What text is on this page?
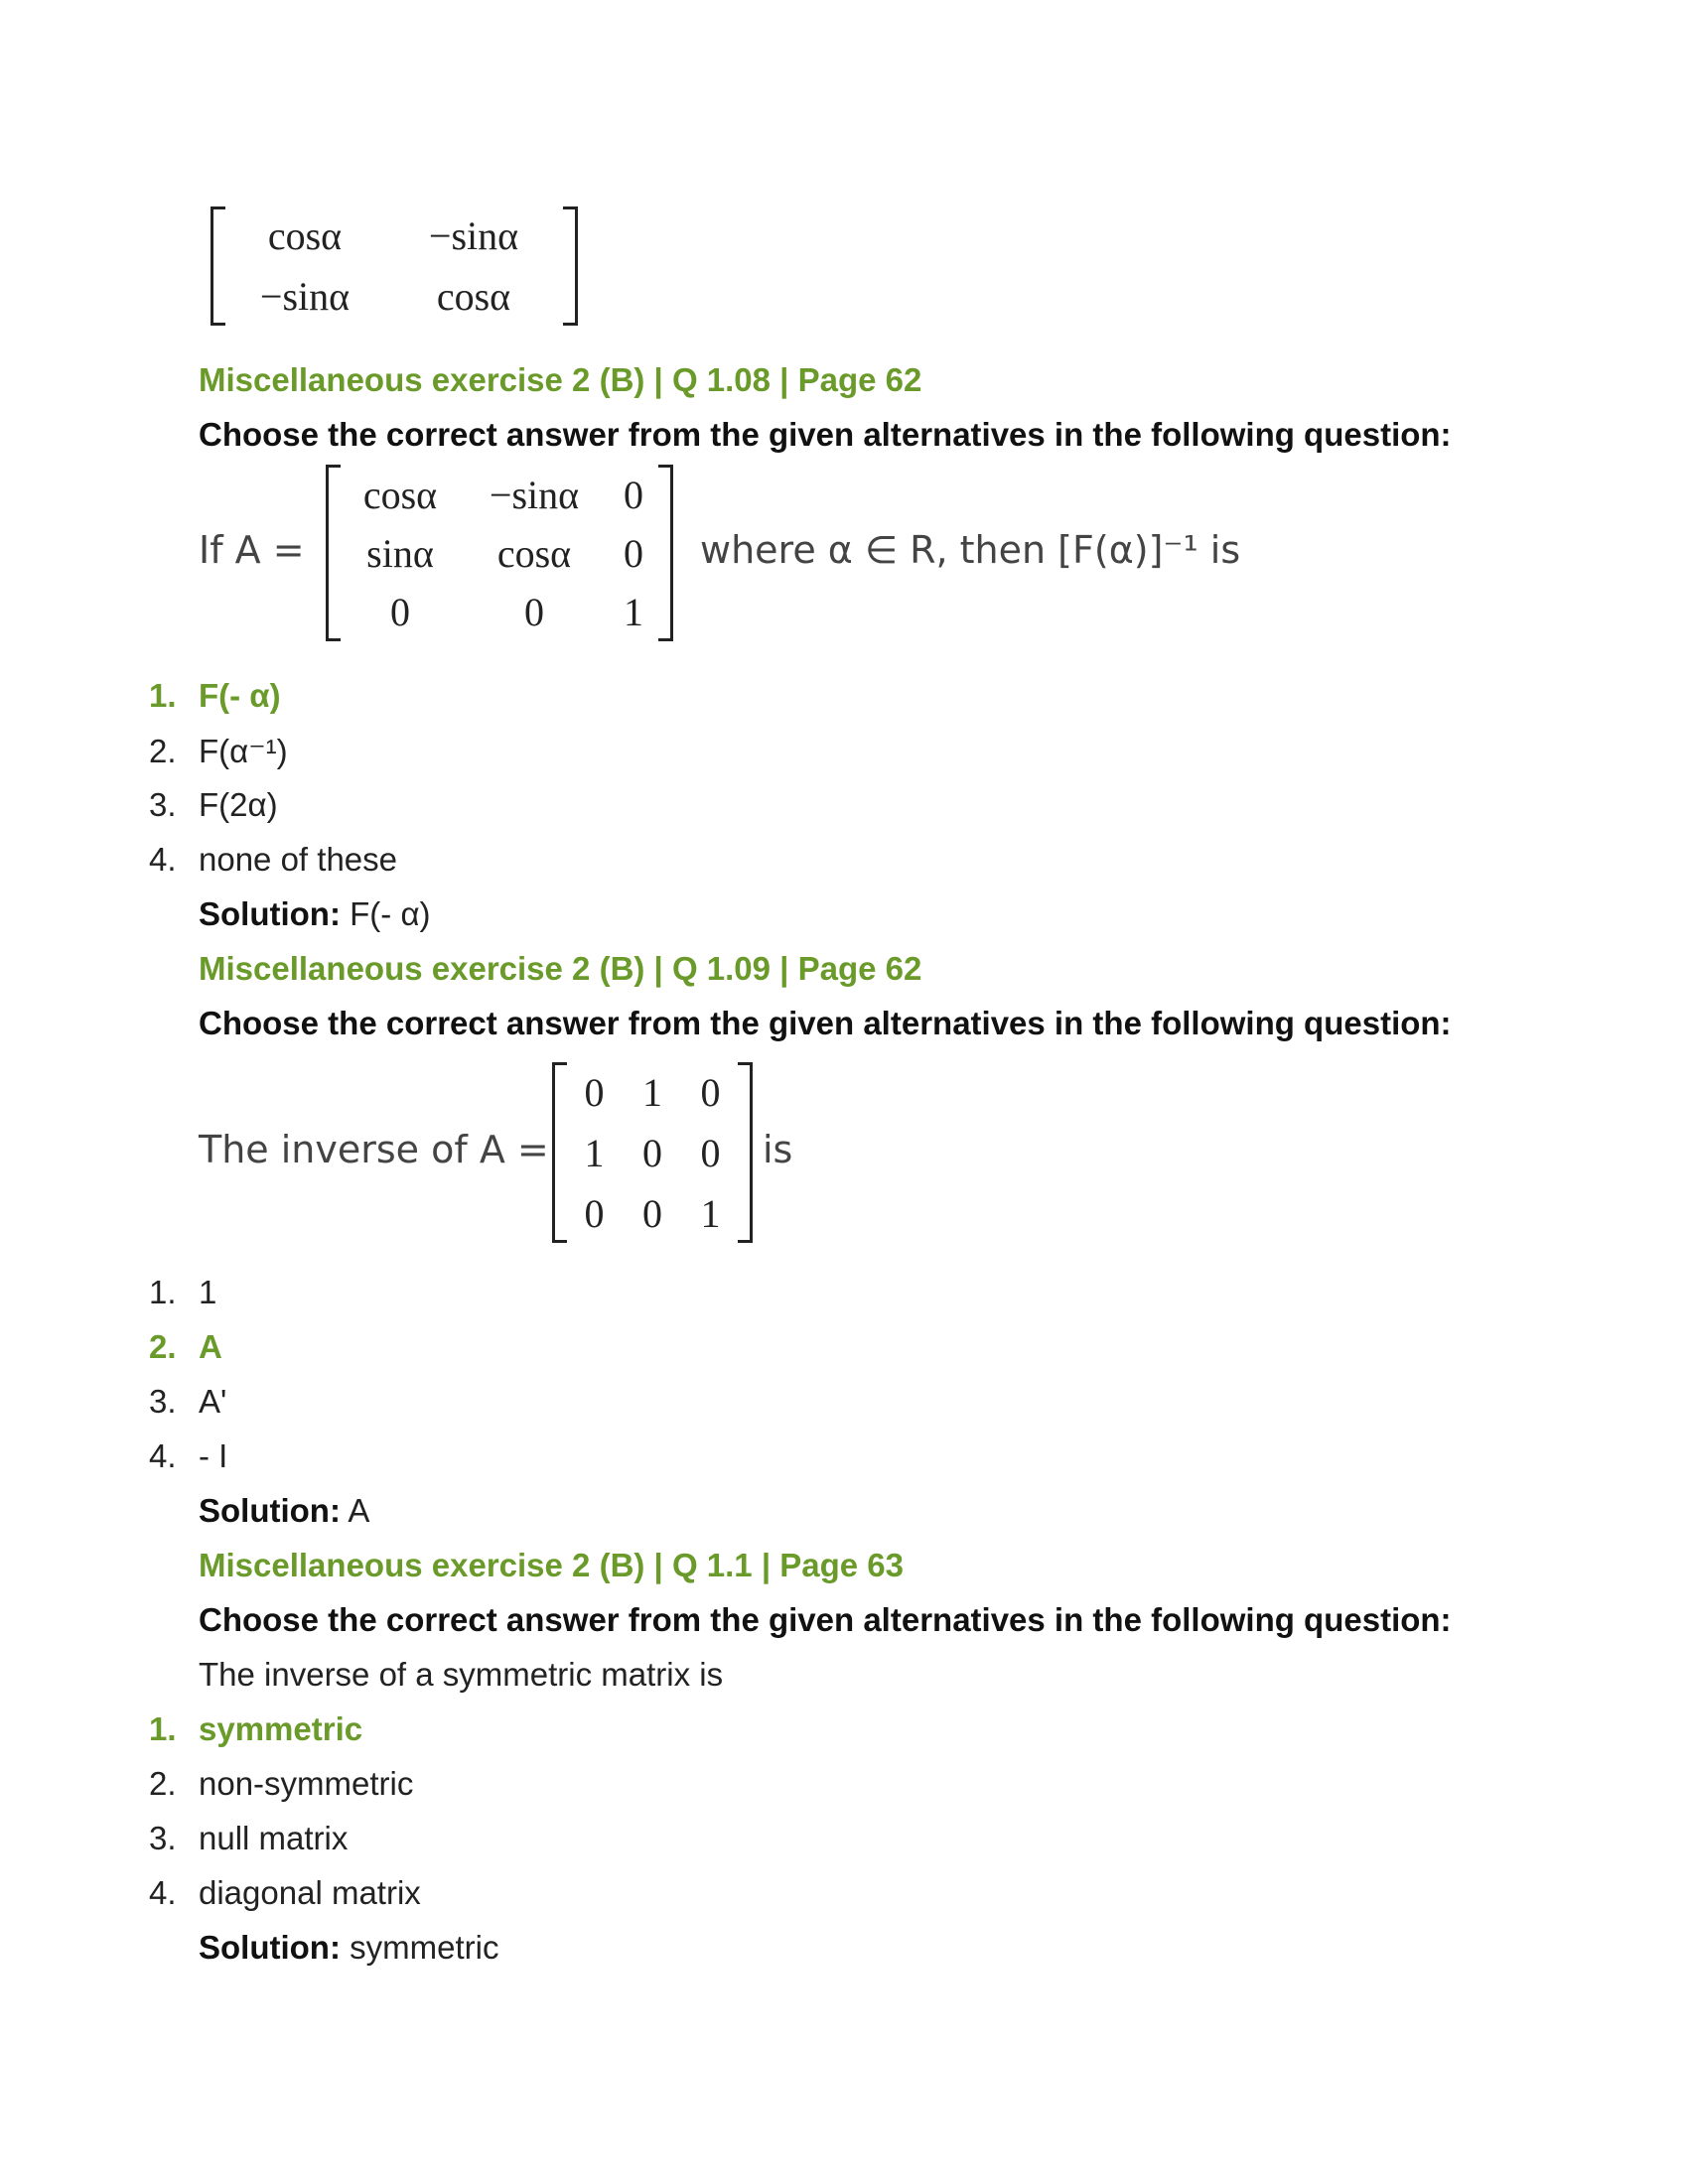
cosα −sinα
−sinα cosα
Miscellaneous exercise 2 (B) | Q 1.08 | Page 62
Choose the correct answer from the given alternatives in the following question:
If A =
cosα −sinα 0
sinα cosα 0
0	0 1
where α ∈ R, then [F(α)]⁻¹ is
1. F(- α)
2. F(α⁻¹)
3. F(2α)
4. none of these
Solution: F(- α)
Miscellaneous exercise 2 (B) | Q 1.09 | Page 62
Choose the correct answer from the given alternatives in the following question:
The inverse of A =
0 1 0
1 0 0
0 0 1
is
1. 1
2. A
3. A'
4. - I
Solution: A
Miscellaneous exercise 2 (B) | Q 1.1 | Page 63
Choose the correct answer from the given alternatives in the following question:
The inverse of a symmetric matrix is
1. symmetric
2. non-symmetric
3. null matrix
4. diagonal matrix
Solution: symmetric
